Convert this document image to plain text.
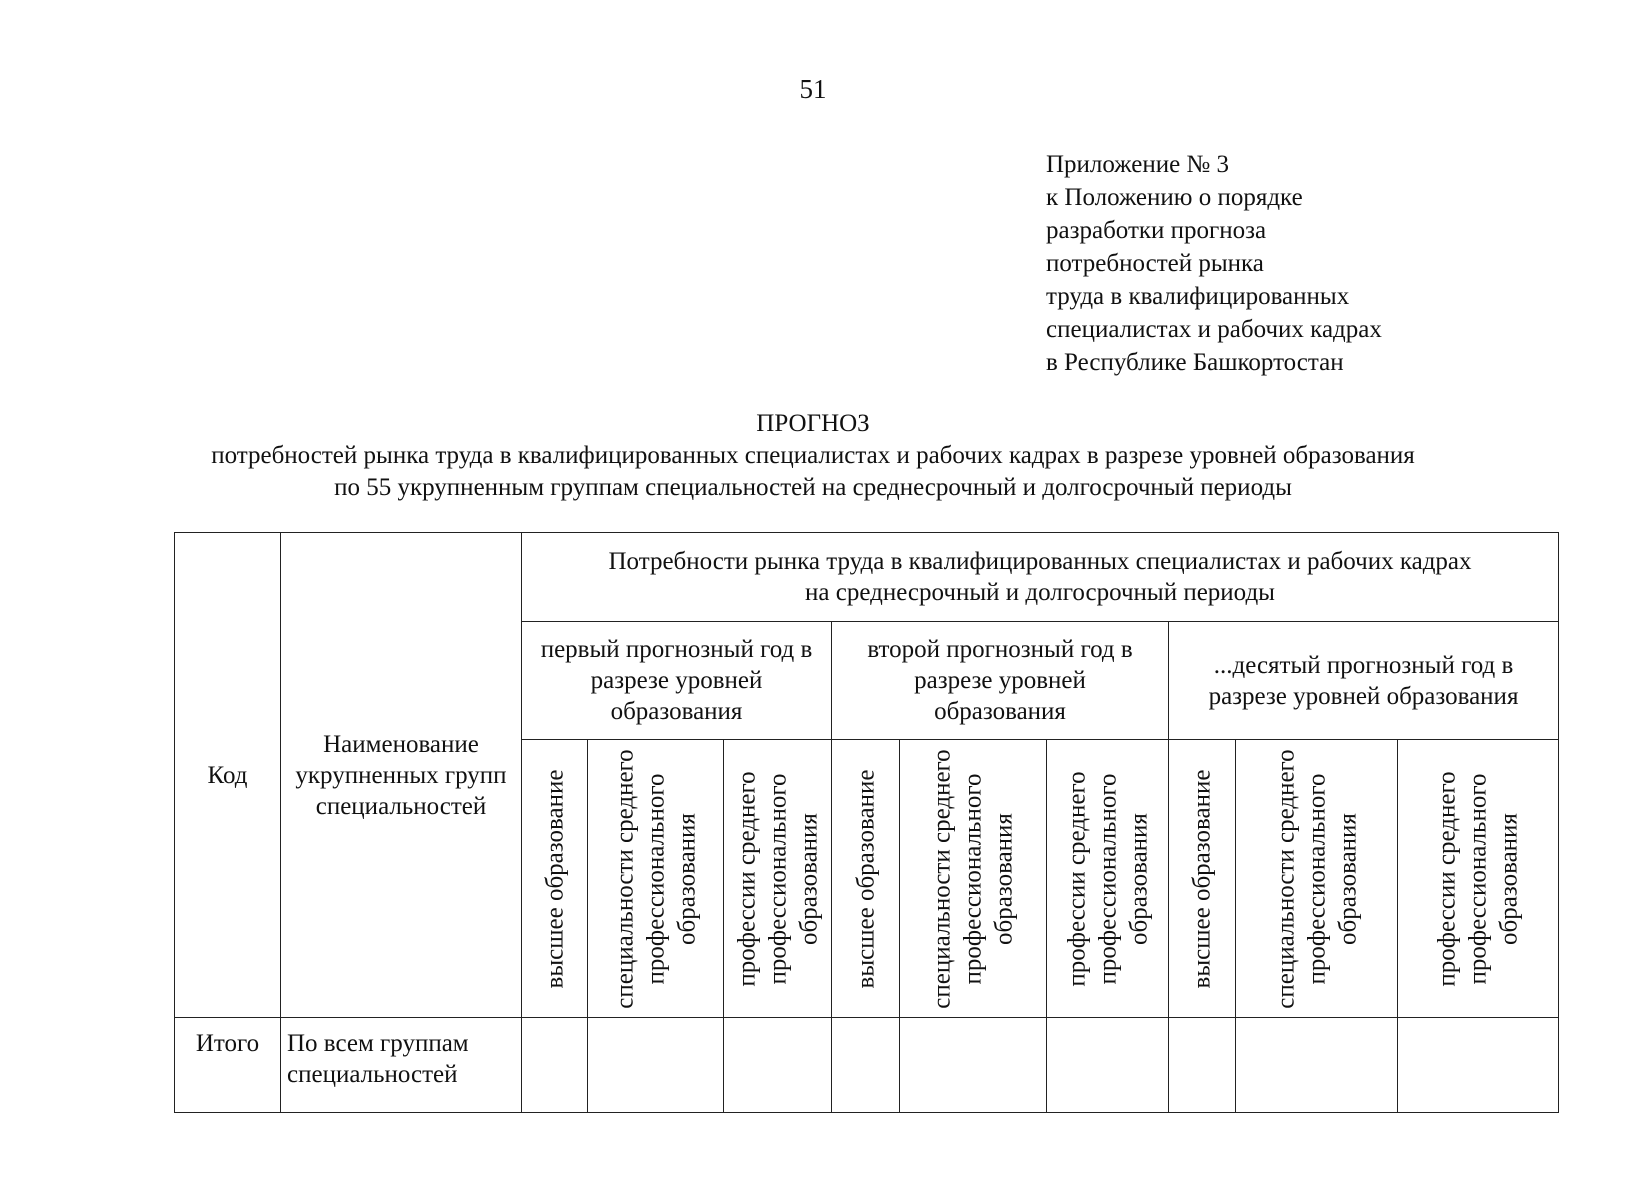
51
Приложение № 3
к Положению о порядке
разработки прогноза
потребностей рынка
труда в квалифицированных
специалистах и рабочих кадрах
в Республике Башкортостан
ПРОГНОЗ
потребностей рынка труда в квалифицированных специалистах и рабочих кадрах в разрезе уровней образования
по 55 укрупненным группам специальностей на среднесрочный и долгосрочный периоды
Код	Наименование укрупненных групп специальностей	Потребности рынка труда в квалифицированных специалистах и рабочих кадрах
на среднесрочный и долгосрочный периоды								

		первый прогнозный год в разрезе уровней образования			второй прогнозный год в разрезе уровней образования			...десятый прогнозный год в разрезе уровней образования		

		высшее образование	специальности среднего профессионального образования	профессии среднего профессионального образования	высшее образование	специальности среднего профессионального образования	профессии среднего профессионального образования	высшее образование	специальности среднего профессионального образования	профессии среднего профессионального образования

Итого	По всем группам специальностей									
